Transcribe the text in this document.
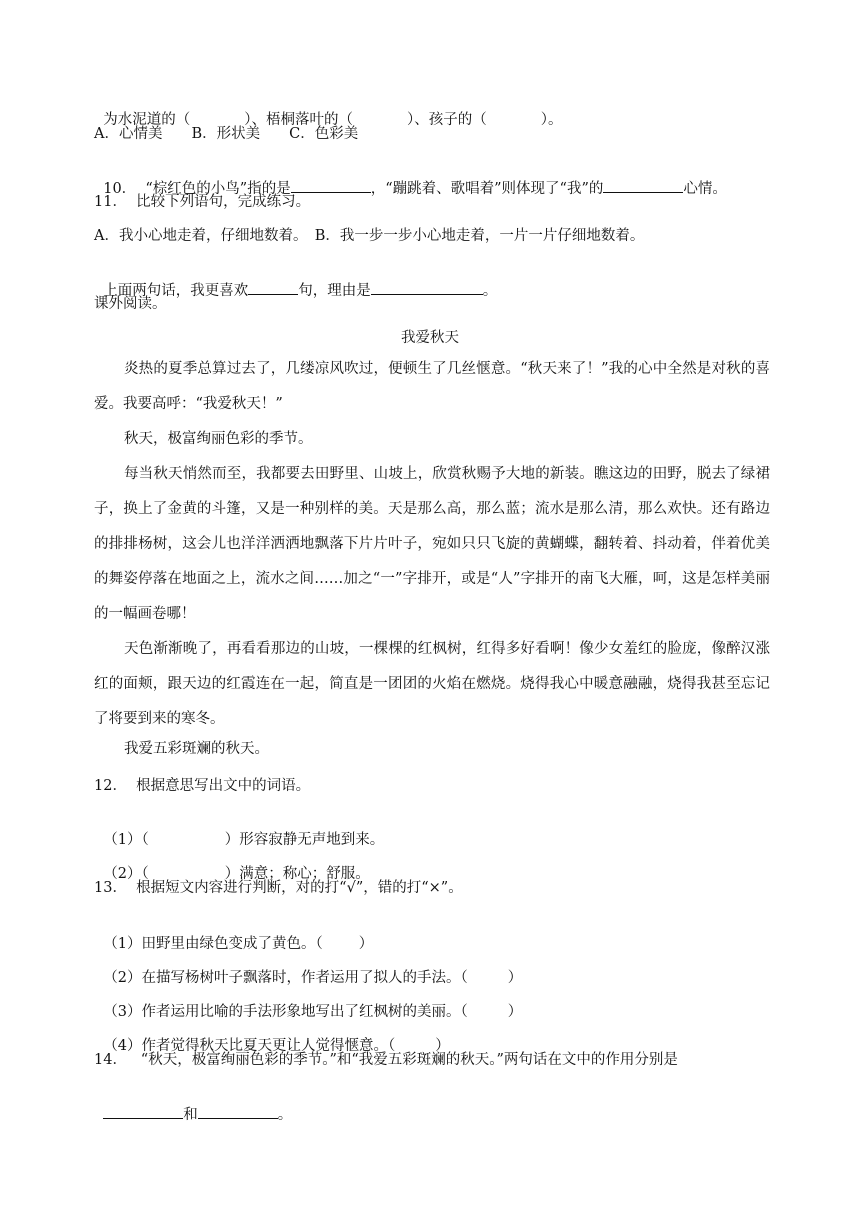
为水泥道的（	）、梧桐落叶的（	）、孩子的（	）。

A．心情美　　B．形状美　　C．色彩美

10．  “棕红色的小鸟”指的是	，“蹦跳着、歌唱着”则体现了“我”的	心情。

11．  比较下列语句，完成练习。
A．我小心地走着，仔细地数着。　B．我一步一步小心地走着，一片一片仔细地数着。

上面两句话，我更喜欢	句，理由是	。

课外阅读。
我爱秋天
炎热的夏季总算过去了，几缕凉风吹过，便顿生了几丝惬意。“秋天来了！”我的心中全然是对秋的喜爱。我要高呼：“我爱秋天！”
秋天，极富绚丽色彩的季节。
每当秋天悄然而至，我都要去田野里、山坡上，欣赏秋赐予大地的新装。瞧这边的田野，脱去了绿裙子，换上了金黄的斗篷，又是一种别样的美。天是那么高，那么蓝；流水是那么清，那么欢快。还有路边的排排杨树，这会儿也洋洋洒洒地飘落下片片叶子，宛如只只飞旋的黄蝴蝶，翻转着、抖动着，伴着优美的舞姿停落在地面之上，流水之间……加之“一”字排开，或是“人”字排开的南飞大雁，呵，这是怎样美丽的一幅画卷哪！
天色渐渐晚了，再看看那边的山坡，一棵棵的红枫树，红得多好看啊！像少女羞红的脸庞，像醉汉涨红的面颊，跟天边的红霞连在一起，简直是一团团的火焰在燃烧。烧得我心中暖意融融，烧得我甚至忘记了将要到来的寒冬。
我爱五彩斑斓的秋天。
12．  根据意思写出文中的词语。

（1）（	）形容寂静无声地到来。

（2）（	）满意；称心；舒服。

13．  根据短文内容进行判断，对的打“√”，错的打“×”。

（1）田野里由绿色变成了黄色。（ ）

（2）在描写杨树叶子飘落时，作者运用了拟人的手法。（	）

（3）作者运用比喻的手法形象地写出了红枫树的美丽。（	）

（4）作者觉得秋天比夏天更让人觉得惬意。（	）

14．   “秋天，极富绚丽色彩的季节。”和“我爱五彩斑斓的秋天。”两句话在文中的作用分别是

和	。
